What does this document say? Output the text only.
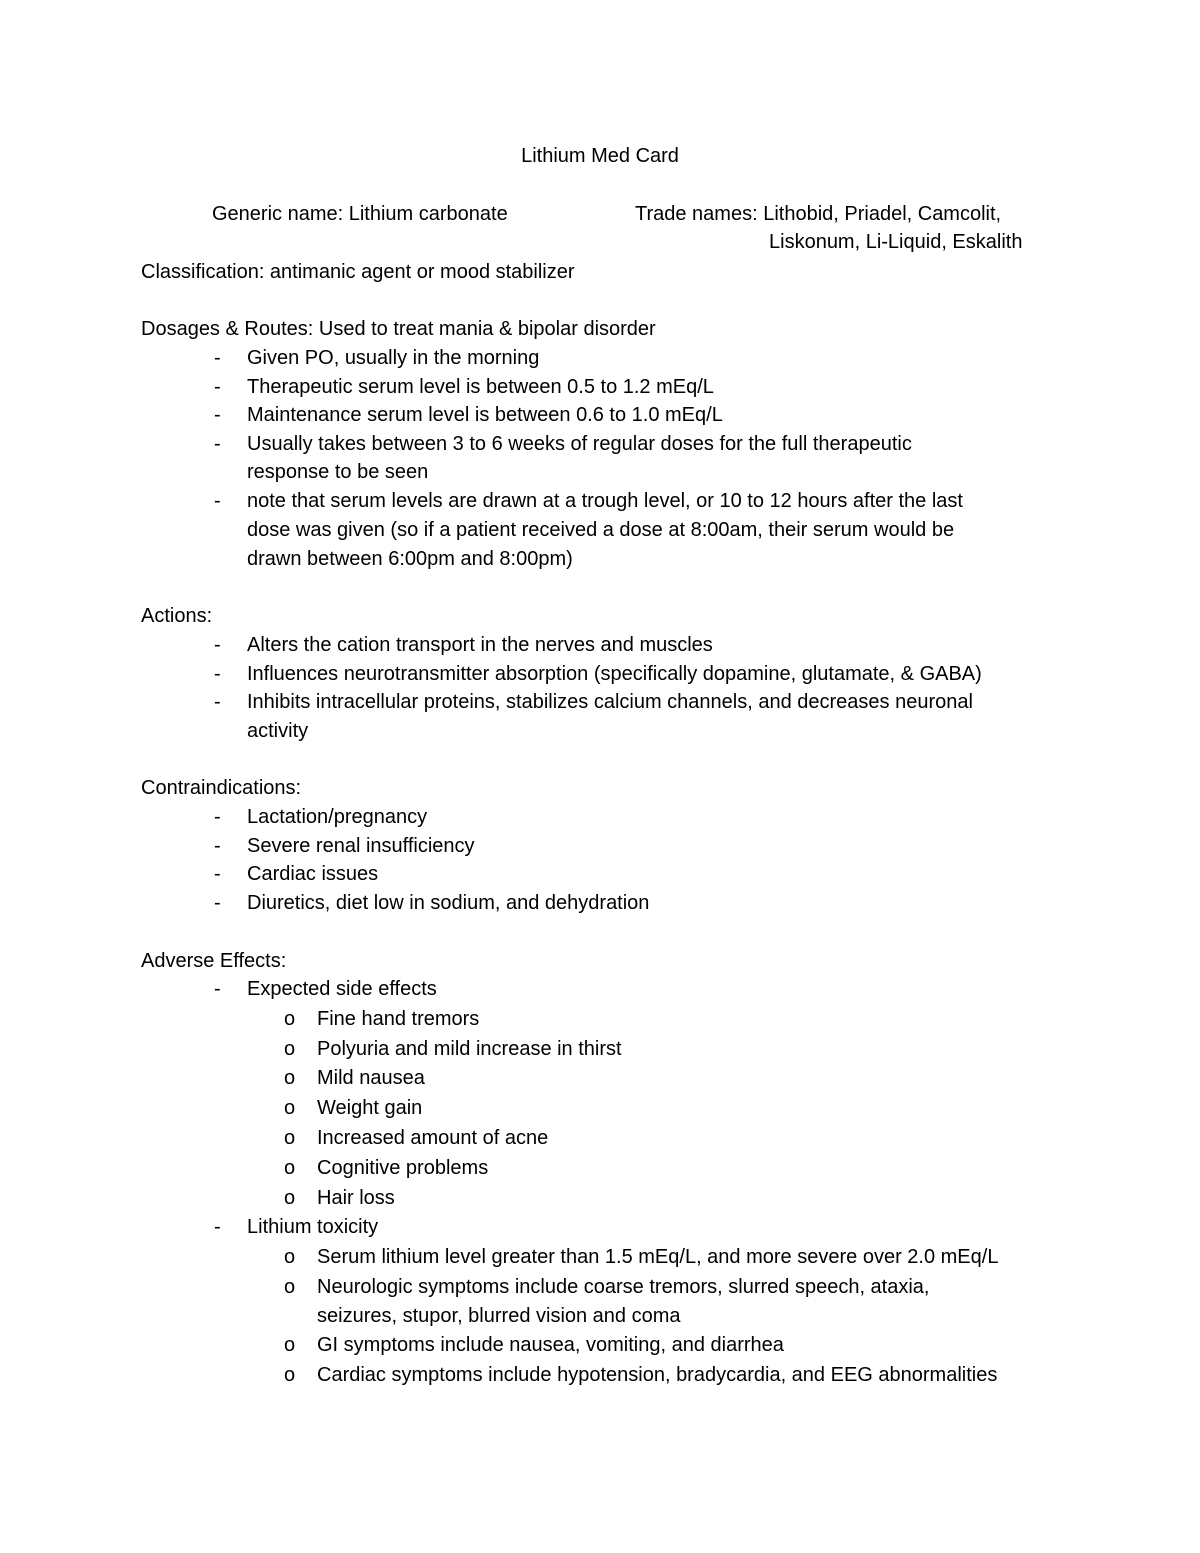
Lithium Med Card
Generic name: Lithium carbonate	Trade names: Lithobid, Priadel, Camcolit,
Liskonum, Li-Liquid, Eskalith
Classification: antimanic agent or mood stabilizer
Dosages & Routes: Used to treat mania & bipolar disorder
- Given PO, usually in the morning
- Therapeutic serum level is between 0.5 to 1.2 mEq/L
- Maintenance serum level is between 0.6 to 1.0 mEq/L
- Usually takes between 3 to 6 weeks of regular doses for the full therapeutic
response to be seen
- note that serum levels are drawn at a trough level, or 10 to 12 hours after the last
dose was given (so if a patient received a dose at 8:00am, their serum would be
drawn between 6:00pm and 8:00pm)
Actions:
- Alters the cation transport in the nerves and muscles
- Influences neurotransmitter absorption (specifically dopamine, glutamate, & GABA)
- Inhibits intracellular proteins, stabilizes calcium channels, and decreases neuronal
activity
Contraindications:
- Lactation/pregnancy
- Severe renal insufficiency
- Cardiac issues
- Diuretics, diet low in sodium, and dehydration
Adverse Effects:
- Expected side effects
o Fine hand tremors
o Polyuria and mild increase in thirst
o Mild nausea
o Weight gain
o Increased amount of acne
o Cognitive problems
o Hair loss
- Lithium toxicity
o Serum lithium level greater than 1.5 mEq/L, and more severe over 2.0 mEq/L
o Neurologic symptoms include coarse tremors, slurred speech, ataxia,
seizures, stupor, blurred vision and coma
o GI symptoms include nausea, vomiting, and diarrhea
o Cardiac symptoms include hypotension, bradycardia, and EEG abnormalities
